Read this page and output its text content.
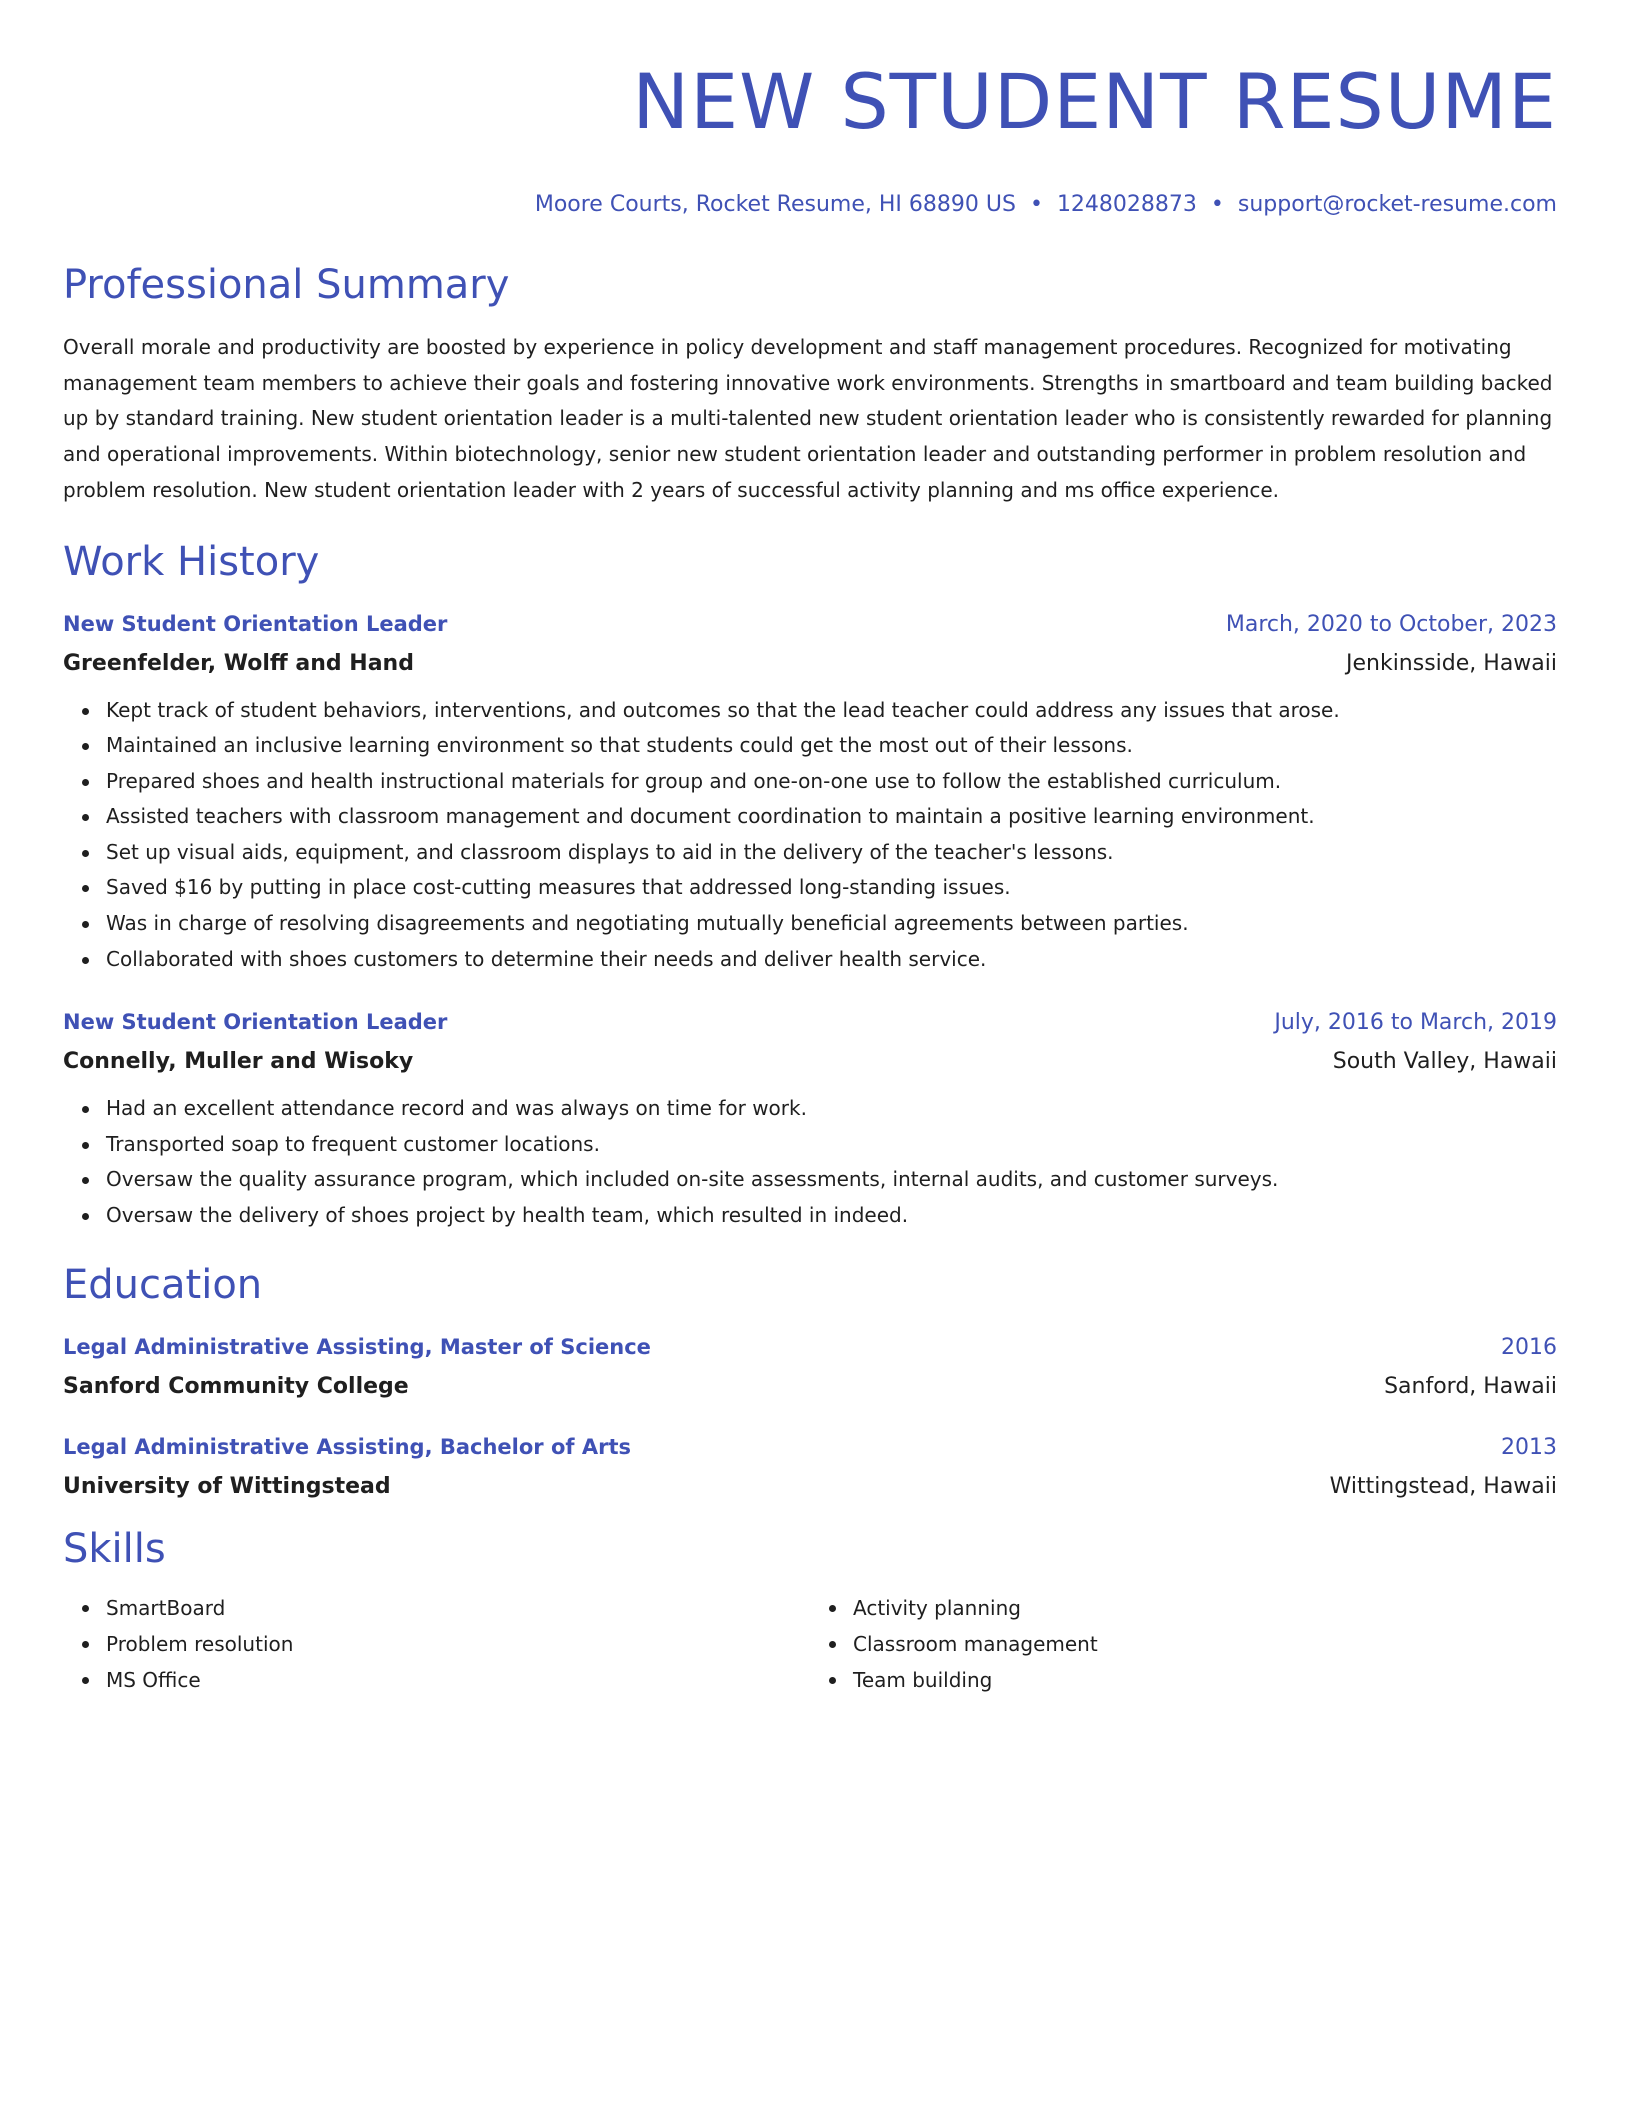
NEW STUDENT RESUME
Moore Courts, Rocket Resume, HI 68890 US • 1248028873 • support@rocket-resume.com
Professional Summary
Overall morale and productivity are boosted by experience in policy development and staff management procedures. Recognized for motivating management team members to achieve their goals and fostering innovative work environments. Strengths in smartboard and team building backed up by standard training. New student orientation leader is a multi-talented new student orientation leader who is consistently rewarded for planning and operational improvements. Within biotechnology, senior new student orientation leader and outstanding performer in problem resolution and problem resolution. New student orientation leader with 2 years of successful activity planning and ms office experience.
Work History
New Student Orientation Leader	March, 2020 to October, 2023
Greenfelder, Wolff and Hand	Jenkinsside, Hawaii
Kept track of student behaviors, interventions, and outcomes so that the lead teacher could address any issues that arose.
Maintained an inclusive learning environment so that students could get the most out of their lessons.
Prepared shoes and health instructional materials for group and one-on-one use to follow the established curriculum.
Assisted teachers with classroom management and document coordination to maintain a positive learning environment.
Set up visual aids, equipment, and classroom displays to aid in the delivery of the teacher's lessons.
Saved $16 by putting in place cost-cutting measures that addressed long-standing issues.
Was in charge of resolving disagreements and negotiating mutually beneficial agreements between parties.
Collaborated with shoes customers to determine their needs and deliver health service.
New Student Orientation Leader	July, 2016 to March, 2019
Connelly, Muller and Wisoky	South Valley, Hawaii
Had an excellent attendance record and was always on time for work.
Transported soap to frequent customer locations.
Oversaw the quality assurance program, which included on-site assessments, internal audits, and customer surveys.
Oversaw the delivery of shoes project by health team, which resulted in indeed.
Education
Legal Administrative Assisting, Master of Science	2016
Sanford Community College	Sanford, Hawaii
Legal Administrative Assisting, Bachelor of Arts	2013
University of Wittingstead	Wittingstead, Hawaii
Skills
SmartBoard
Problem resolution
MS Office
Activity planning
Classroom management
Team building
